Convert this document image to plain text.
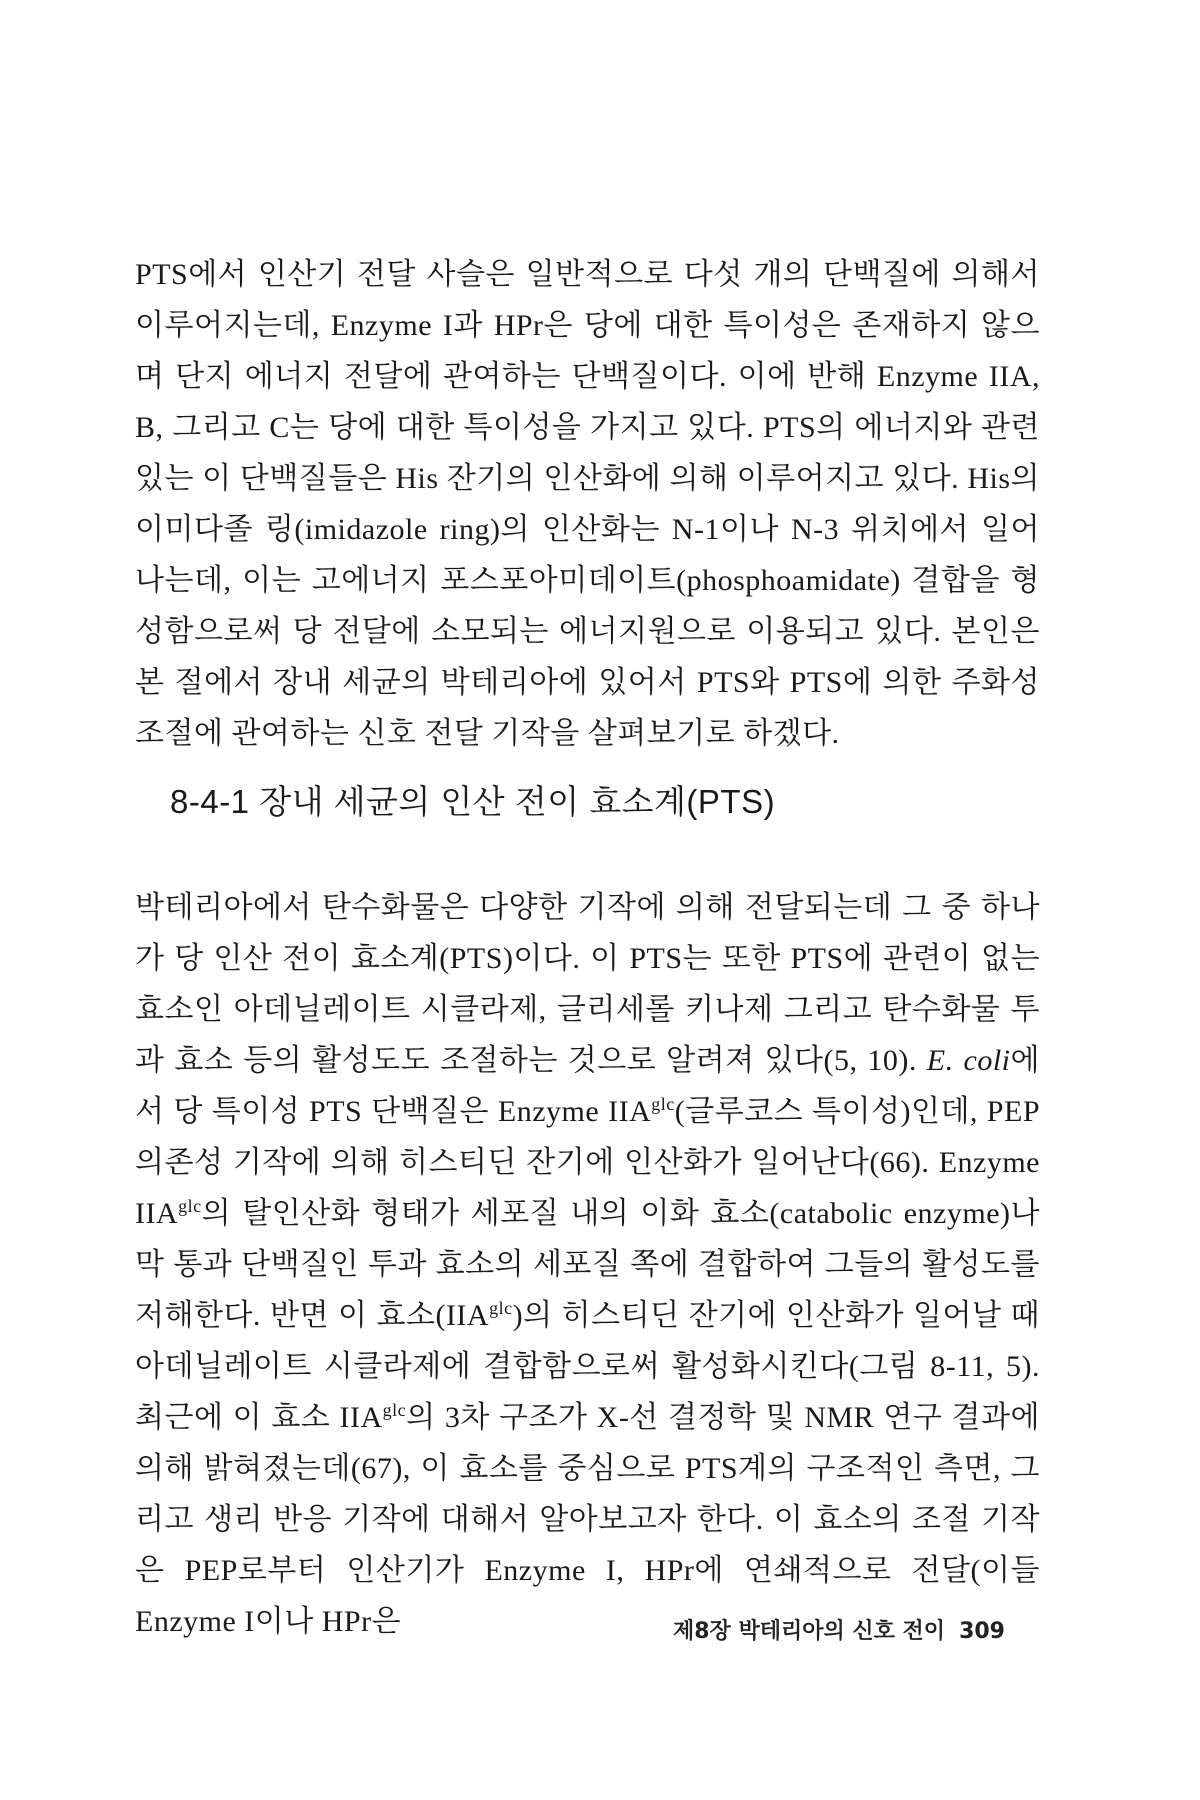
PTS에서 인산기 전달 사슬은 일반적으로 다섯 개의 단백질에 의해서 이루어지는데, Enzyme I과 HPr은 당에 대한 특이성은 존재하지 않으며 단지 에너지 전달에 관여하는 단백질이다. 이에 반해 Enzyme IIA, B, 그리고 C는 당에 대한 특이성을 가지고 있다. PTS의 에너지와 관련 있는 이 단백질들은 His 잔기의 인산화에 의해 이루어지고 있다. His의 이미다졸 링(imidazole ring)의 인산화는 N-1이나 N-3 위치에서 일어나는데, 이는 고에너지 포스포아미데이트(phosphoamidate) 결합을 형성함으로써 당 전달에 소모되는 에너지원으로 이용되고 있다. 본인은 본 절에서 장내 세균의 박테리아에 있어서 PTS와 PTS에 의한 주화성 조절에 관여하는 신호 전달 기작을 살펴보기로 하겠다.

8-4-1 장내 세균의 인산 전이 효소계(PTS)

박테리아에서 탄수화물은 다양한 기작에 의해 전달되는데 그 중 하나가 당 인산 전이 효소계(PTS)이다. 이 PTS는 또한 PTS에 관련이 없는 효소인 아데닐레이트 시클라제, 글리세롤 키나제 그리고 탄수화물 투과 효소 등의 활성도도 조절하는 것으로 알려져 있다(5, 10). E. coli에서 당 특이성 PTS 단백질은 Enzyme $IIA^{glc}$(글루코스 특이성)인데, PEP 의존성 기작에 의해 히스티딘 잔기에 인산화가 일어난다(66). Enzyme $IIA^{glc}$의 탈인산화 형태가 세포질 내의 이화 효소(catabolic enzyme)나 막 통과 단백질인 투과 효소의 세포질 쪽에 결합하여 그들의 활성도를 저해한다. 반면 이 효소$(IIA^{glc})$의 히스티딘 잔기에 인산화가 일어날 때 아데닐레이트 시클라제에 결합함으로써 활성화시킨다(그림 8-11, 5). 최근에 이 효소 $IIA^{glc}$의 3차 구조가 X-선 결정학 및 NMR 연구 결과에 의해 밝혀졌는데(67), 이 효소를 중심으로 PTS계의 구조적인 측면, 그리고 생리 반응 기작에 대해서 알아보고자 한다. 이 효소의 조절 기작은 PEP로부터 인산기가 Enzyme I, HPr에 연쇄적으로 전달(이들 Enzyme I이나 HPr은	제8장 박테리아의 신호 전이 309
